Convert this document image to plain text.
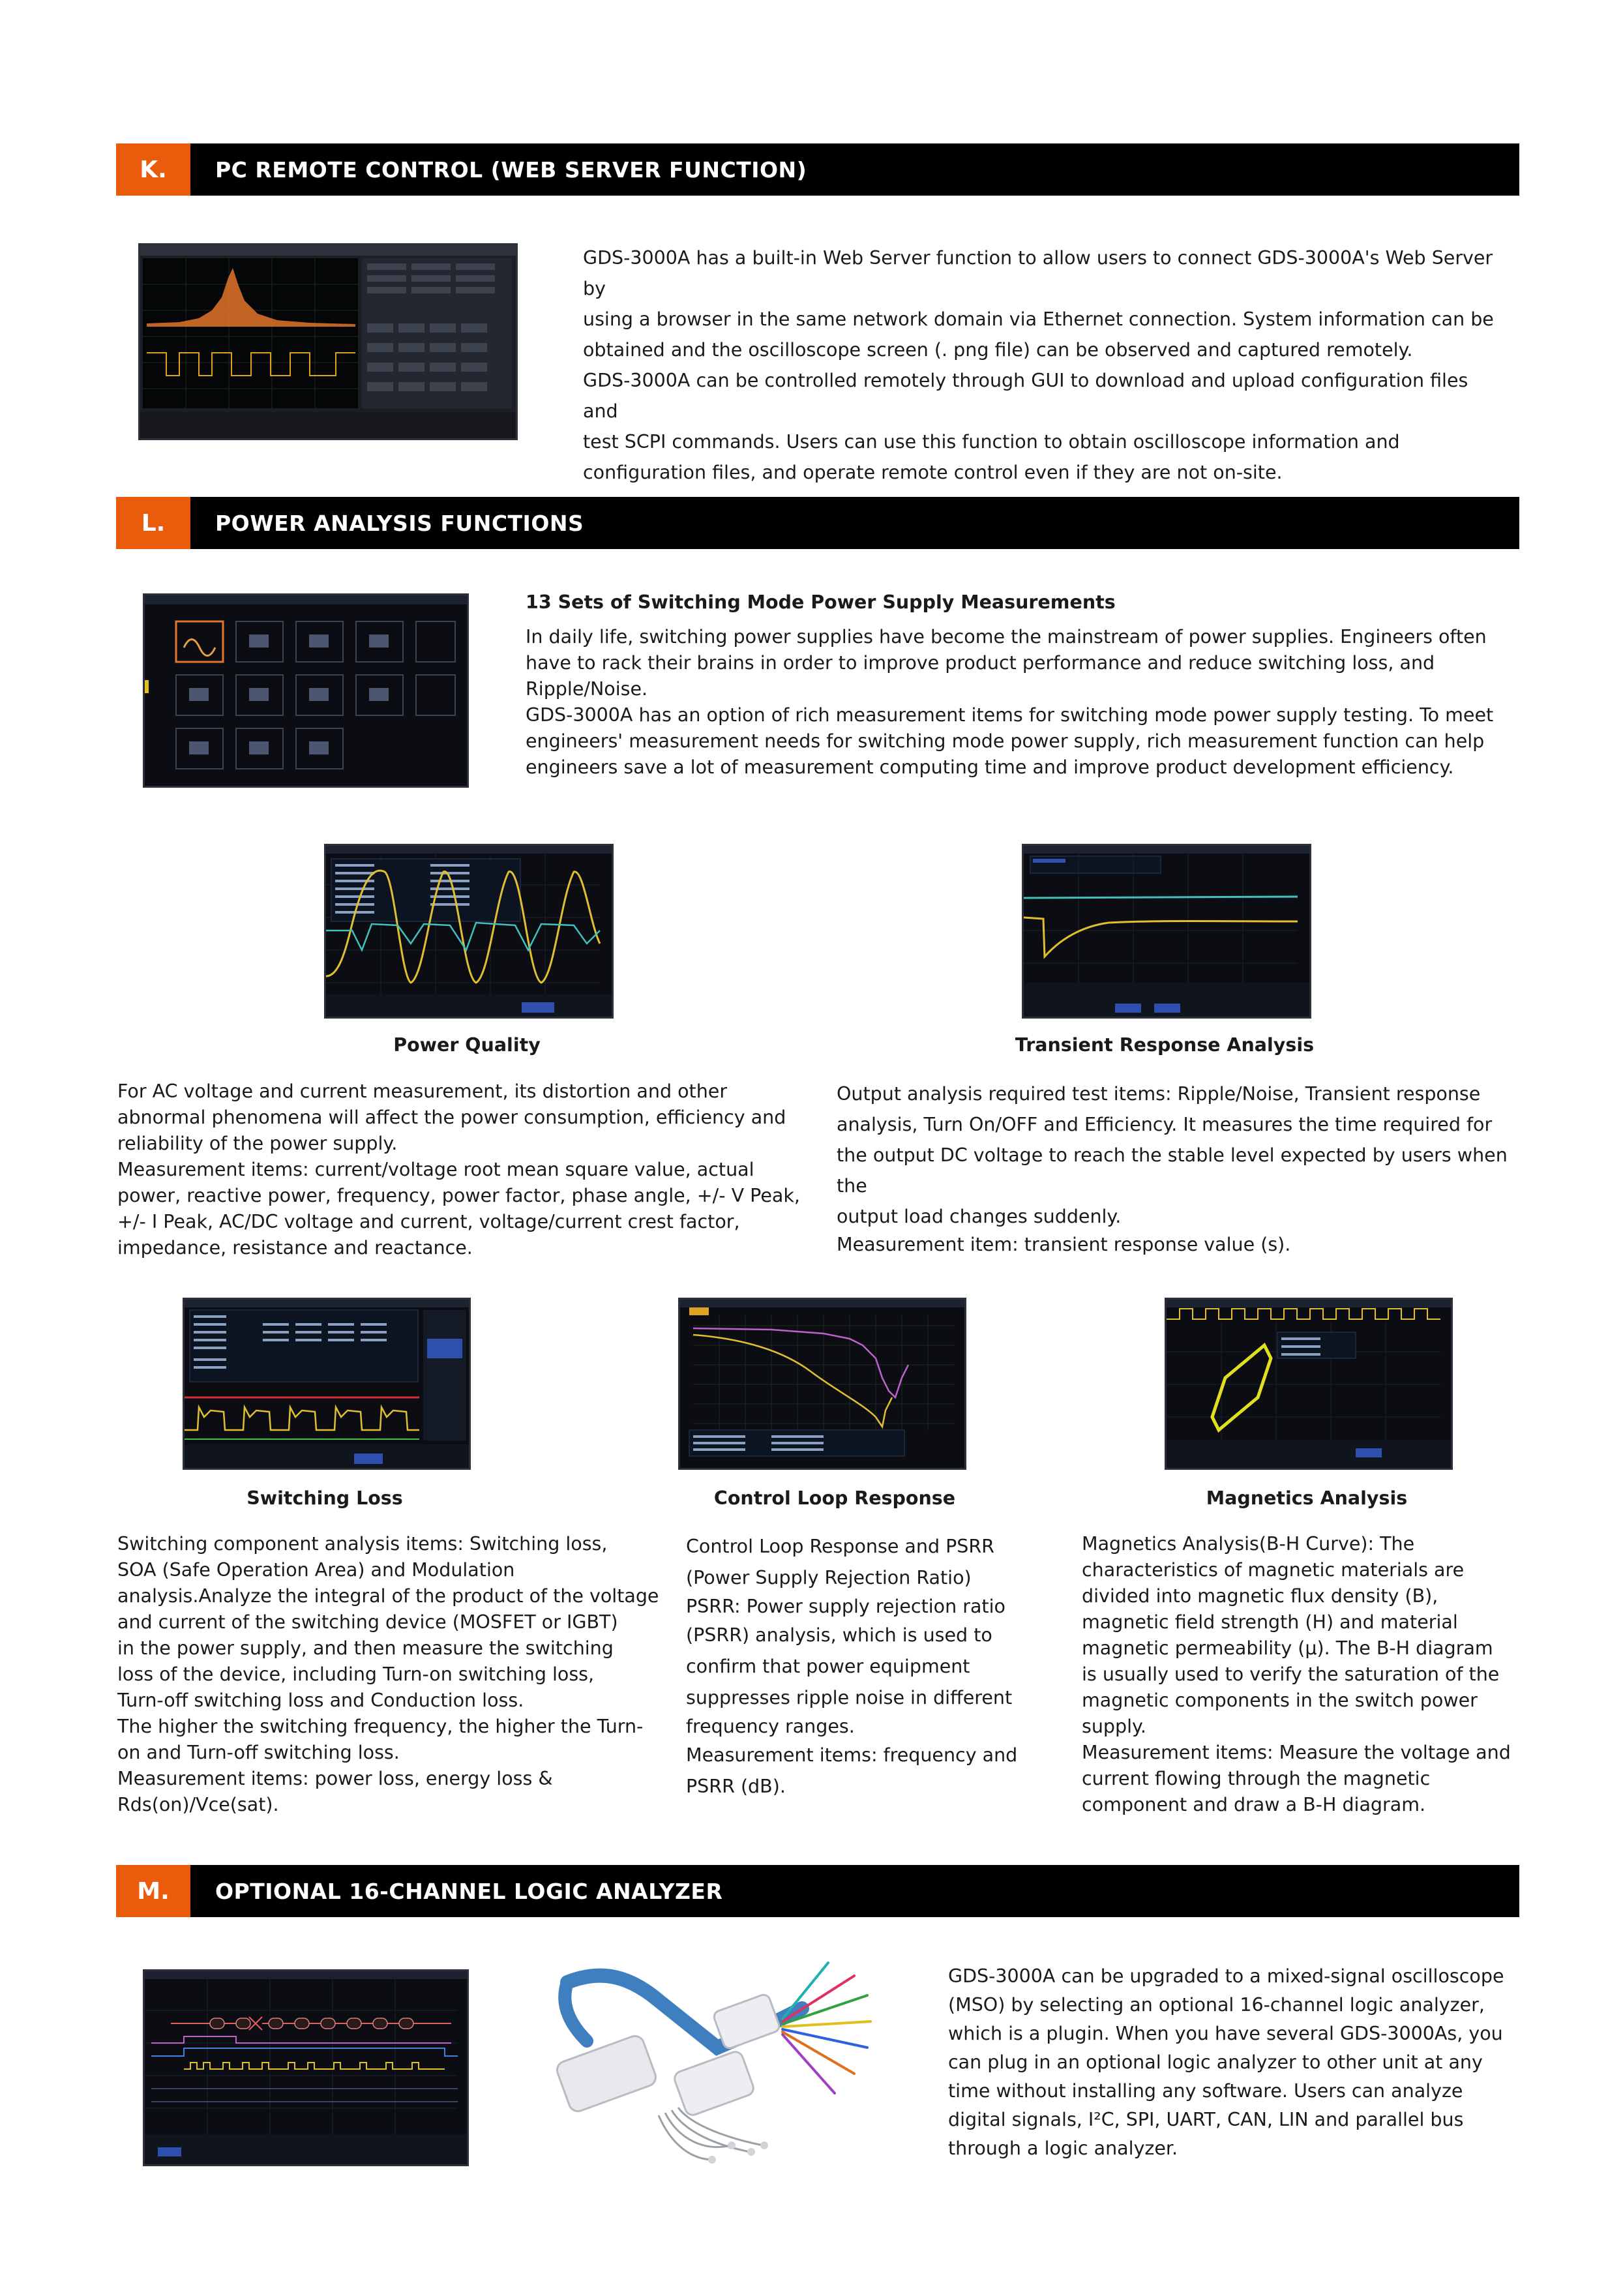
K.	PC REMOTE CONTROL (WEB SERVER FUNCTION)

GDS-3000A has a built-in Web Server function to allow users to connect GDS-3000A's Web Server by

using a browser in the same network domain via Ethernet connection. System information can be

obtained and the oscilloscope screen (. png file) can be observed and captured remotely.

GDS-3000A can be controlled remotely through GUI to download and upload configuration files and

test SCPI commands. Users can use this function to obtain oscilloscope information and

configuration files, and operate remote control even if they are not on-site.

L.	POWER ANALYSIS FUNCTIONS
13 Sets of Switching Mode Power Supply Measurements

In daily life, switching power supplies have become the mainstream of power supplies. Engineers often

have to rack their brains in order to improve product performance and reduce switching loss, and

Ripple/Noise.

GDS-3000A has an option of rich measurement items for switching mode power supply testing. To meet

engineers' measurement needs for switching mode power supply, rich measurement function can help

engineers save a lot of measurement computing time and improve product development efficiency.

Power Quality	Transient Response Analysis

For AC voltage and current measurement, its distortion and other

abnormal phenomena will affect the power consumption, efficiency and

reliability of the power supply.

Measurement items: current/voltage root mean square value, actual

power, reactive power, frequency, power factor, phase angle, +/- V Peak,

+/- I Peak, AC/DC voltage and current, voltage/current crest factor,

impedance, resistance and reactance.

Output analysis required test items: Ripple/Noise, Transient response

analysis, Turn On/OFF and Efficiency. It measures the time required for

the output DC voltage to reach the stable level expected by users when the

output load changes suddenly.

Measurement item: transient response value (s).

Switching Loss	Control Loop Response	Magnetics Analysis

Switching component analysis items: Switching loss,

SOA (Safe Operation Area) and Modulation

analysis.Analyze the integral of the product of the voltage

and current of the switching device (MOSFET or IGBT)

in the power supply, and then measure the switching

loss of the device, including Turn-on switching loss,

Turn-off switching loss and Conduction loss.

The higher the switching frequency, the higher the Turn-

on and Turn-off switching loss.

Measurement items: power loss, energy loss &

Rds(on)/Vce(sat).

Control Loop Response and PSRR

(Power Supply Rejection Ratio)

PSRR: Power supply rejection ratio

(PSRR) analysis, which is used to

confirm that power equipment

suppresses ripple noise in different

frequency ranges.

Measurement items: frequency and

PSRR (dB).

Magnetics Analysis(B-H Curve): The

characteristics of magnetic materials are

divided into magnetic flux density (B),

magnetic field strength (H) and material

magnetic permeability (μ). The B-H diagram

is usually used to verify the saturation of the

magnetic components in the switch power

supply.

Measurement items: Measure the voltage and

current flowing through the magnetic

component and draw a B-H diagram.

M.	OPTIONAL 16-CHANNEL LOGIC ANALYZER

GDS-3000A can be upgraded to a mixed-signal oscilloscope

(MSO) by selecting an optional 16-channel logic analyzer,

which is a plugin. When you have several GDS-3000As, you

can plug in an optional logic analyzer to other unit at any

time without installing any software. Users can analyze

digital signals, I²C, SPI, UART, CAN, LIN and parallel bus

through a logic analyzer.
